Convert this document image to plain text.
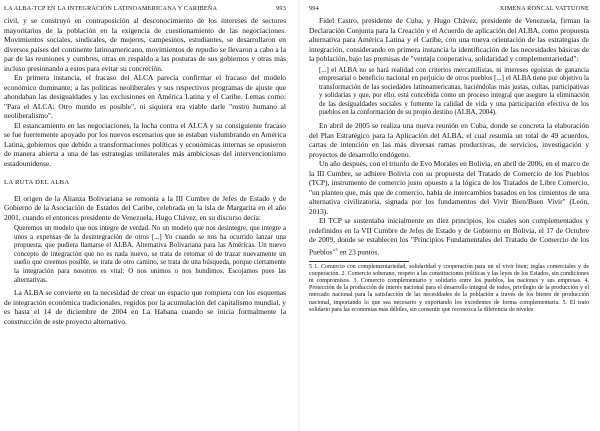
LA ALBA-TCP EN LA INTEGRACIÓN LATINOAMERICANA Y CARIBEÑA	993

civil, y se construyó en contraposición al desconocimiento de los intereses de sectores mayoritarios de la población en la exigencia de cuestionamiento de las negociaciones. Movimientos sociales, sindicales, de mujeres, campesinos, estudiantes, se desarrollaron en diversos países del continente latinoamericano, movimientos de repudio se llevaron a cabo a la par de las reuniones y cumbres, otras en respaldo a las posturas de sus gobiernos y otras más incluso presionando a estos para evitar su concreción.

En primera instancia, el fracaso del ALCA parecía confirmar el fracaso del modelo económico dominante; a las políticas neoliberales y sus respectivos programas de ajuste que ahondaban las desigualdades y las exclusiones en América Latina y el Caribe. Lemas como: "Para el ALCA: Otro mundo es posible", ni siquiera era viable darle "rostro humano al neoliberalismo".

El estancamiento en las negociaciones, la lucha contra el ALCA y su consiguiente fracaso se fue fuertemente apoyado por los nuevos escenarios que se estaban vislumbrando en América Latina, gobiernos que debido a transformaciones políticas y económicas internas se opusieron de manera abierta a una de las estrategias unilaterales más ambiciosas del intervencionismo estadounidense.

LA RUTA DEL ALBA

El origen de la Alianza Bolivariana se remonta a la III Cumbre de Jefes de Estado y de Gobierno de la Asociación de Estados del Caribe, celebrada en la isla de Margarita en el año 2001, cuando el entonces presidente de Venezuela, Hugo Chávez, en su discurso decía:

Queremos un modelo que nos integre de verdad. No un modelo que nos desintegre, que integre a unos a expensas de la desintegración de otros [...] Yo cuando se nos ha ocurrido lanzar una propuesta, que pudiera llamarse el ALBA, Alternativa Bolivariana para las Américas. Un nuevo concepto de integración que no es nada nuevo, se trata de retomar el de trazar nuevamente un sueño que creemos posible, se trata de otro camino, se trata de una búsqueda, porque ciertamente la integración para nosotros es vital: O nos unimos o nos hundimos. Escojamos pues las alternativas.

La ALBA se convierte en la necesidad de crear un espacio que rompiera con los esquemas de integración económica tradicionales, regidos por la acumulación del capitalismo mundial, y es hasta el 14 de diciembre de 2004 en La Habana cuando se inicia formalmente la construcción de este proyecto alternativo.

994	XIMENA RONCAL VATTUONE

Fidel Castro, presidente de Cuba, y Hugo Chávez, presidente de Venezuela, firman la Declaración Conjunta para la Creación y el Acuerdo de aplicación del ALBA, como propuesta alternativa para América Latina y el Caribe, con una nueva orientación de las estrategias de integración, considerando en primera instancia la identificación de las necesidades básicas de la población, bajo las premisas de "ventaja cooperativa, solidaridad y complementariedad":

[...] el ALBA no se hará realidad con criterios mercantilistas, ni intereses egoístas de ganancia empresarial o beneficio nacional en perjuicio de otros pueblos [...] el ALBA tiene por objetivo la transformación de las sociedades latinoamericanas, haciéndolas más justas, cultas, participativas y solidarias y que, por ello, está concebida como un proceso integral que asegure la eliminación de las desigualdades sociales y fomente la calidad de vida y una participación efectiva de los pueblos en la conformación de su propio destino (ALBA, 2004).

En abril de 2005 se realiza una nueva reunión en Cuba, donde se concreta la elaboración del Plan Estratégico para la Aplicación del ALBA, el cual resumía un total de 49 acuerdos, cartas de intención en las más diversas ramas productivas, de servicios, investigación y proyectos de desarrollo endógeno.

Un año después, con el triunfo de Evo Morales en Bolivia, en abril de 2006, en el marco de la III Cumbre, se adhiere Bolivia con su propuesta del Tratado de Comercio de los Pueblos (TCP), instrumento de comercio justo opuesto a la lógica de los Tratados de Libre Comercio, "un planteo que, más que de comercio, habla de intercambios basados en los cimientos de una alternativa civilizatoria, signada por los fundamentos del Vivir Bien/Buen Vivir" (León, 2013).

El TCP se sustentaba inicialmente en diez principios, los cuales son complementados y redefinidos en la VII Cumbre de Jefes de Estado y de Gobierno en Bolivia, el 17 de Octubre de 2009, donde se establecen los "Principios Fundamentales del Tratado de Comercio de los Pueblos"$^5$ en 23 puntos.

5 1. Comercio con complementariedad, solidaridad y cooperación para un el vivir bien; reglas comerciales y de cooperación. 2. Comercio soberano, respeto a las constituciones políticas y las leyes de los Estados, sin condiciones ni compromisos. 3. Comercio complementario y solidario entre los pueblos, las naciones y sus empresas. 4. Protección de la producción de interés nacional para el desarrollo integral de todos, privilegio de la producción y el mercado nacional para la satisfacción de las necesidades de la población a través de los bienes de producción nacional, importando lo que sea necesario y exportando los excedentes de forma complementaria. 5. El trato solidario para las economías más débiles, sin consentir que reconozca la diferencia de niveles
